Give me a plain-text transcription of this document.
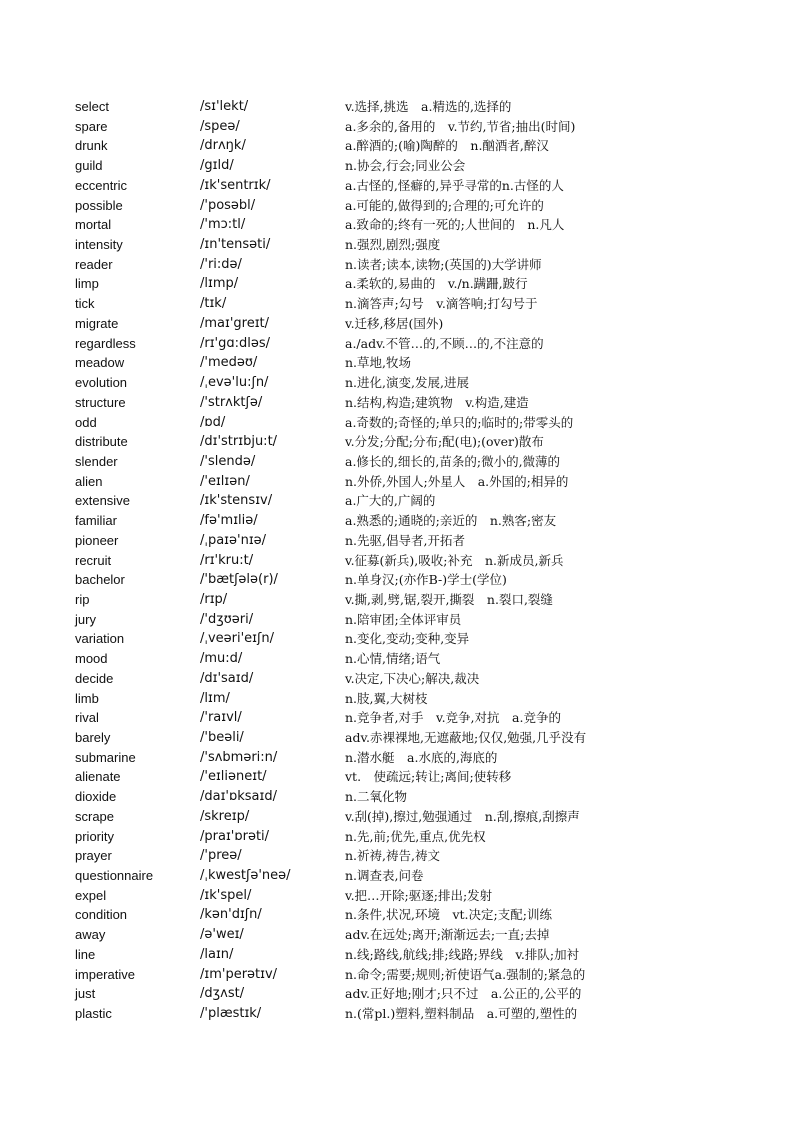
select	/sɪ'lekt/	v.选择,挑选　a.精选的,选择的
spare	/speə/	a.多余的,备用的　v.节约,节省;抽出(时间)
drunk	/drʌŋk/	a.醉酒的;(喻)陶醉的　n.酗酒者,醉汉
guild	/gɪld/	n.协会,行会;同业公会
eccentric	/ɪk'sentrɪk/	a.古怪的,怪癖的,异乎寻常的n.古怪的人
possible	/'posəbl/	a.可能的,做得到的;合理的;可允许的
mortal	/'mɔ:tl/	a.致命的;终有一死的;人世间的　n.凡人
intensity	/ɪn'tensəti/	n.强烈,剧烈;强度
reader	/'ri:də/	n.读者;读本,读物;(英国的)大学讲师
limp	/lɪmp/	a.柔软的,易曲的　v./n.蹒跚,跛行
tick	/tɪk/	n.滴答声;勾号　v.滴答响;打勾号于
migrate	/maɪ'greɪt/	v.迁移,移居(国外)
regardless	/rɪ'gɑ:dləs/	a./adv.不管…的,不顾…的,不注意的
meadow	/'medəʊ/	n.草地,牧场
evolution	/ˌevə'lu:ʃn/	n.进化,演变,发展,进展
structure	/'strʌktʃə/	n.结构,构造;建筑物　v.构造,建造
odd	/ɒd/	a.奇数的;奇怪的;单只的;临时的;带零头的
distribute	/dɪ'strɪbju:t/	v.分发;分配;分布;配(电);(over)散布
slender	/'slendə/	a.修长的,细长的,苗条的;微小的,微薄的
alien	/'eɪlɪən/	n.外侨,外国人;外星人　a.外国的;相异的
extensive	/ɪk'stensɪv/	a.广大的,广阔的
familiar	/fə'mɪliə/	a.熟悉的;通晓的;亲近的　n.熟客;密友
pioneer	/ˌpaɪə'nɪə/	n.先驱,倡导者,开拓者
recruit	/rɪ'kru:t/	v.征募(新兵),吸收;补充　n.新成员,新兵
bachelor	/'bætʃələ(r)/	n.单身汉;(亦作B-)学士(学位)
rip	/rɪp/	v.撕,剥,劈,锯,裂开,撕裂　n.裂口,裂缝
jury	/'dʒʊəri/	n.陪审团;全体评审员
variation	/ˌveəri'eɪʃn/	n.变化,变动;变种,变异
mood	/mu:d/	n.心情,情绪;语气
decide	/dɪ'saɪd/	v.决定,下决心;解决,裁决
limb	/lɪm/	n.肢,翼,大树枝
rival	/'raɪvl/	n.竞争者,对手　v.竞争,对抗　a.竞争的
barely	/'beəli/	adv.赤裸裸地,无遮蔽地;仅仅,勉强,几乎没有
submarine	/'sʌbməri:n/	n.潜水艇　a.水底的,海底的
alienate	/'eɪliəneɪt/	vt.　使疏远;转让;离间;使转移
dioxide	/daɪ'ɒksaɪd/	n.二氧化物
scrape	/skreɪp/	v.刮(掉),擦过,勉强通过　n.刮,擦痕,刮擦声
priority	/praɪ'ɒrəti/	n.先,前;优先,重点,优先权
prayer	/'preə/	n.祈祷,祷告,祷文
questionnaire	/ˌkwestʃə'neə/	n.调查表,问卷
expel	/ɪk'spel/	v.把…开除;驱逐;排出;发射
condition	/kən'dɪʃn/	n.条件,状况,环境　vt.决定;支配;训练
away	/ə'weɪ/	adv.在远处;离开;渐渐远去;一直;去掉
line	/laɪn/	n.线;路线,航线;排;线路;界线　v.排队;加衬
imperative	/ɪm'perətɪv/	n.命令;需要;规则;祈使语气a.强制的;紧急的
just	/dʒʌst/	adv.正好地;刚才;只不过　a.公正的,公平的
plastic	/'plæstɪk/	n.(常pl.)塑料,塑料制品　a.可塑的,塑性的
